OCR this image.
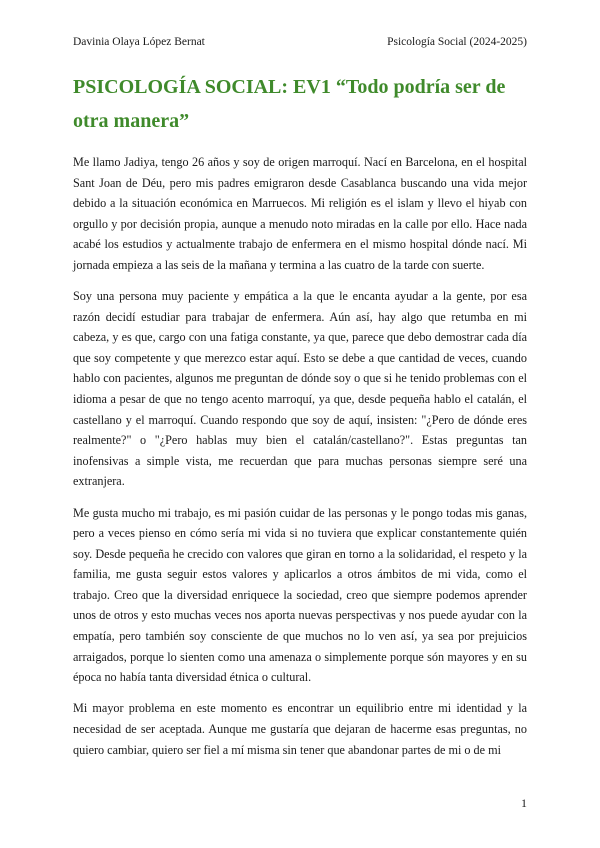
Davinia Olaya López Bernat	Psicología Social (2024-2025)
PSICOLOGÍA SOCIAL: EV1 “Todo podría ser de otra manera”

Me llamo Jadiya, tengo 26 años y soy de origen marroquí. Nací en Barcelona, en el hospital Sant Joan de Déu, pero mis padres emigraron desde Casablanca buscando una vida mejor debido a la situación económica en Marruecos. Mi religión es el islam y llevo el hiyab con orgullo y por decisión propia, aunque a menudo noto miradas en la calle por ello. Hace nada acabé los estudios y actualmente trabajo de enfermera en el mismo hospital dónde nací. Mi jornada empieza a las seis de la mañana y termina a las cuatro de la tarde con suerte.

Soy una persona muy paciente y empática a la que le encanta ayudar a la gente, por esa razón decidí estudiar para trabajar de enfermera. Aún así, hay algo que retumba en mi cabeza, y es que, cargo con una fatiga constante, ya que, parece que debo demostrar cada día que soy competente y que merezco estar aquí. Esto se debe a que cantidad de veces, cuando hablo con pacientes, algunos me preguntan de dónde soy o que si he tenido problemas con el idioma a pesar de que no tengo acento marroquí, ya que, desde pequeña hablo el catalán, el castellano y el marroquí. Cuando respondo que soy de aquí, insisten: "¿Pero de dónde eres realmente?" o "¿Pero hablas muy bien el catalán/castellano?". Estas preguntas tan inofensivas a simple vista, me recuerdan que para muchas personas siempre seré una extranjera.

Me gusta mucho mi trabajo, es mi pasión cuidar de las personas y le pongo todas mis ganas, pero a veces pienso en cómo sería mi vida si no tuviera que explicar constantemente quién soy. Desde pequeña he crecido con valores que giran en torno a la solidaridad, el respeto y la familia, me gusta seguir estos valores y aplicarlos a otros ámbitos de mi vida, como el trabajo. Creo que la diversidad enriquece la sociedad, creo que siempre podemos aprender unos de otros y esto muchas veces nos aporta nuevas perspectivas y nos puede ayudar con la empatía, pero también soy consciente de que muchos no lo ven así, ya sea por prejuicios arraigados, porque lo sienten como una amenaza o simplemente porque són mayores y en su época no había tanta diversidad étnica o cultural.

Mi mayor problema en este momento es encontrar un equilibrio entre mi identidad y la necesidad de ser aceptada. Aunque me gustaría que dejaran de hacerme esas preguntas, no quiero cambiar, quiero ser fiel a mí misma sin tener que abandonar partes de mi o de mi

1
